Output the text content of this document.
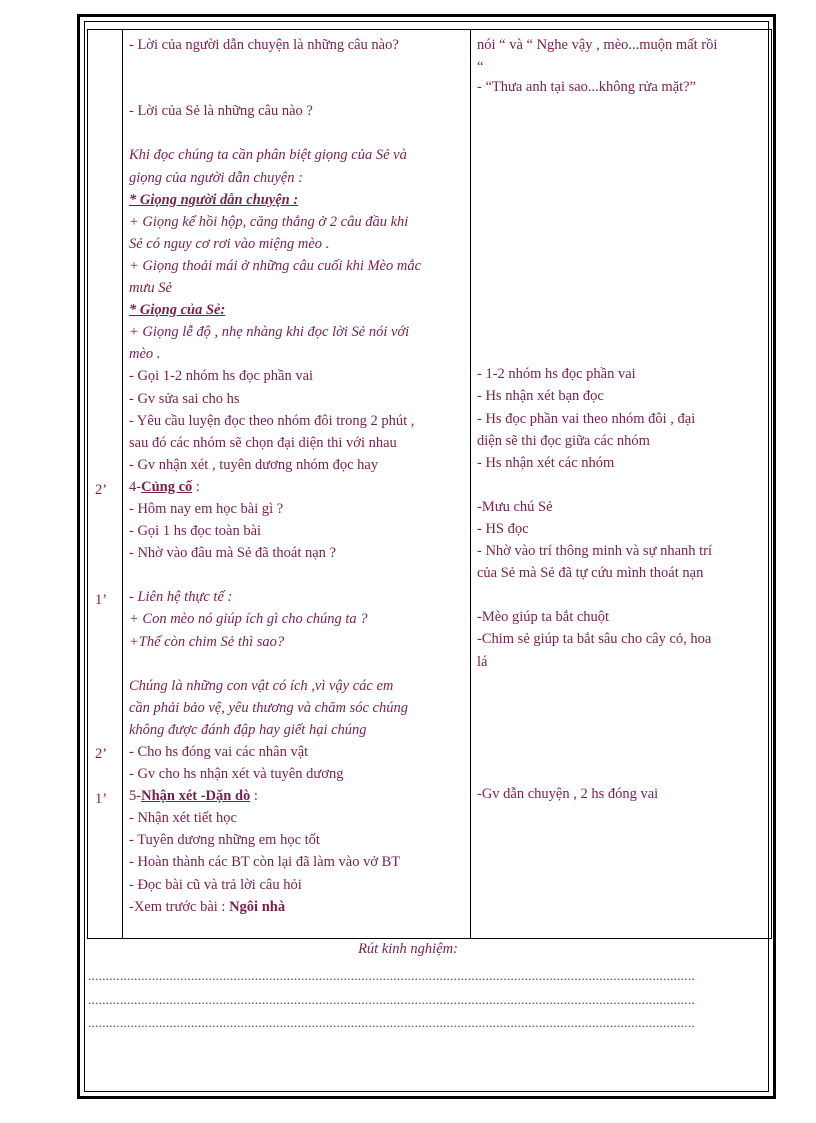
2’
1’
2’
1’
- Lời của người dẫn chuyện là những câu nào?
- Lời của Sẻ là những câu nào ?
Khi đọc chúng ta cần phân biệt giọng của Sẻ và
giọng của người dẫn chuyện :
* Giọng người dẫn chuyện :
+ Giọng kể hồi hộp, căng thẳng ở 2 câu đầu khi
Sẻ có nguy cơ rơi vào miệng mèo .
+ Giọng thoải mái ở những câu cuối khi Mèo mắc
mưu Sẻ
* Giọng của Sẻ:
+ Giọng lễ độ , nhẹ nhàng khi đọc lời Sẻ nói với
mèo .
- Gọi 1-2 nhóm hs đọc phần vai
- Gv sửa sai cho hs
- Yêu cầu luyện đọc theo nhóm đôi trong 2 phút ,
sau đó các nhóm sẽ chọn đại diện thi với nhau
- Gv nhận xét , tuyên dương nhóm đọc hay
4-Củng cố :
- Hôm nay em học bài gì ?
- Gọi 1 hs đọc toàn bài
- Nhờ vào đâu mà Sẻ đã thoát nạn ?
- Liên hệ thực tế :
+ Con mèo nó giúp ích gì cho chúng ta ?
+Thế còn chim Sẻ thì sao?
Chúng là những con vật có ích ,vì vậy các em
cần phải bảo vệ, yêu thương và chăm sóc chúng
không được đánh đập hay giết hại chúng
- Cho hs đóng vai các nhân vật
- Gv cho hs nhận xét và tuyên dương
5-Nhận xét -Dặn dò :
- Nhận xét tiết học
- Tuyên dương những em học tốt
- Hoàn thành các BT còn lại đã làm vào vở BT
- Đọc bài cũ và trả lời câu hỏi
-Xem trước bài : Ngôi nhà
nói “ và “ Nghe vậy , mèo...muộn mất rồi
“
- “Thưa anh tại sao...không rửa mặt?”
- 1-2 nhóm hs đọc phần vai
- Hs nhận xét bạn đọc
- Hs đọc phần vai theo nhóm đôi , đại
diện sẽ thi đọc giữa các nhóm
- Hs nhận xét các nhóm
-Mưu chú Sẻ
- HS đọc
- Nhờ vào trí thông minh và sự nhanh trí
của Sẻ mà Sẻ đã tự cứu mình thoát nạn
-Mèo giúp ta bắt chuột
-Chim sẻ giúp ta bắt sâu cho cây cỏ, hoa
lá
-Gv dẫn chuyện , 2 hs đóng vai
Rút kinh nghiệm:
...........................................................................................................................................................................
...........................................................................................................................................................................
...........................................................................................................................................................................
